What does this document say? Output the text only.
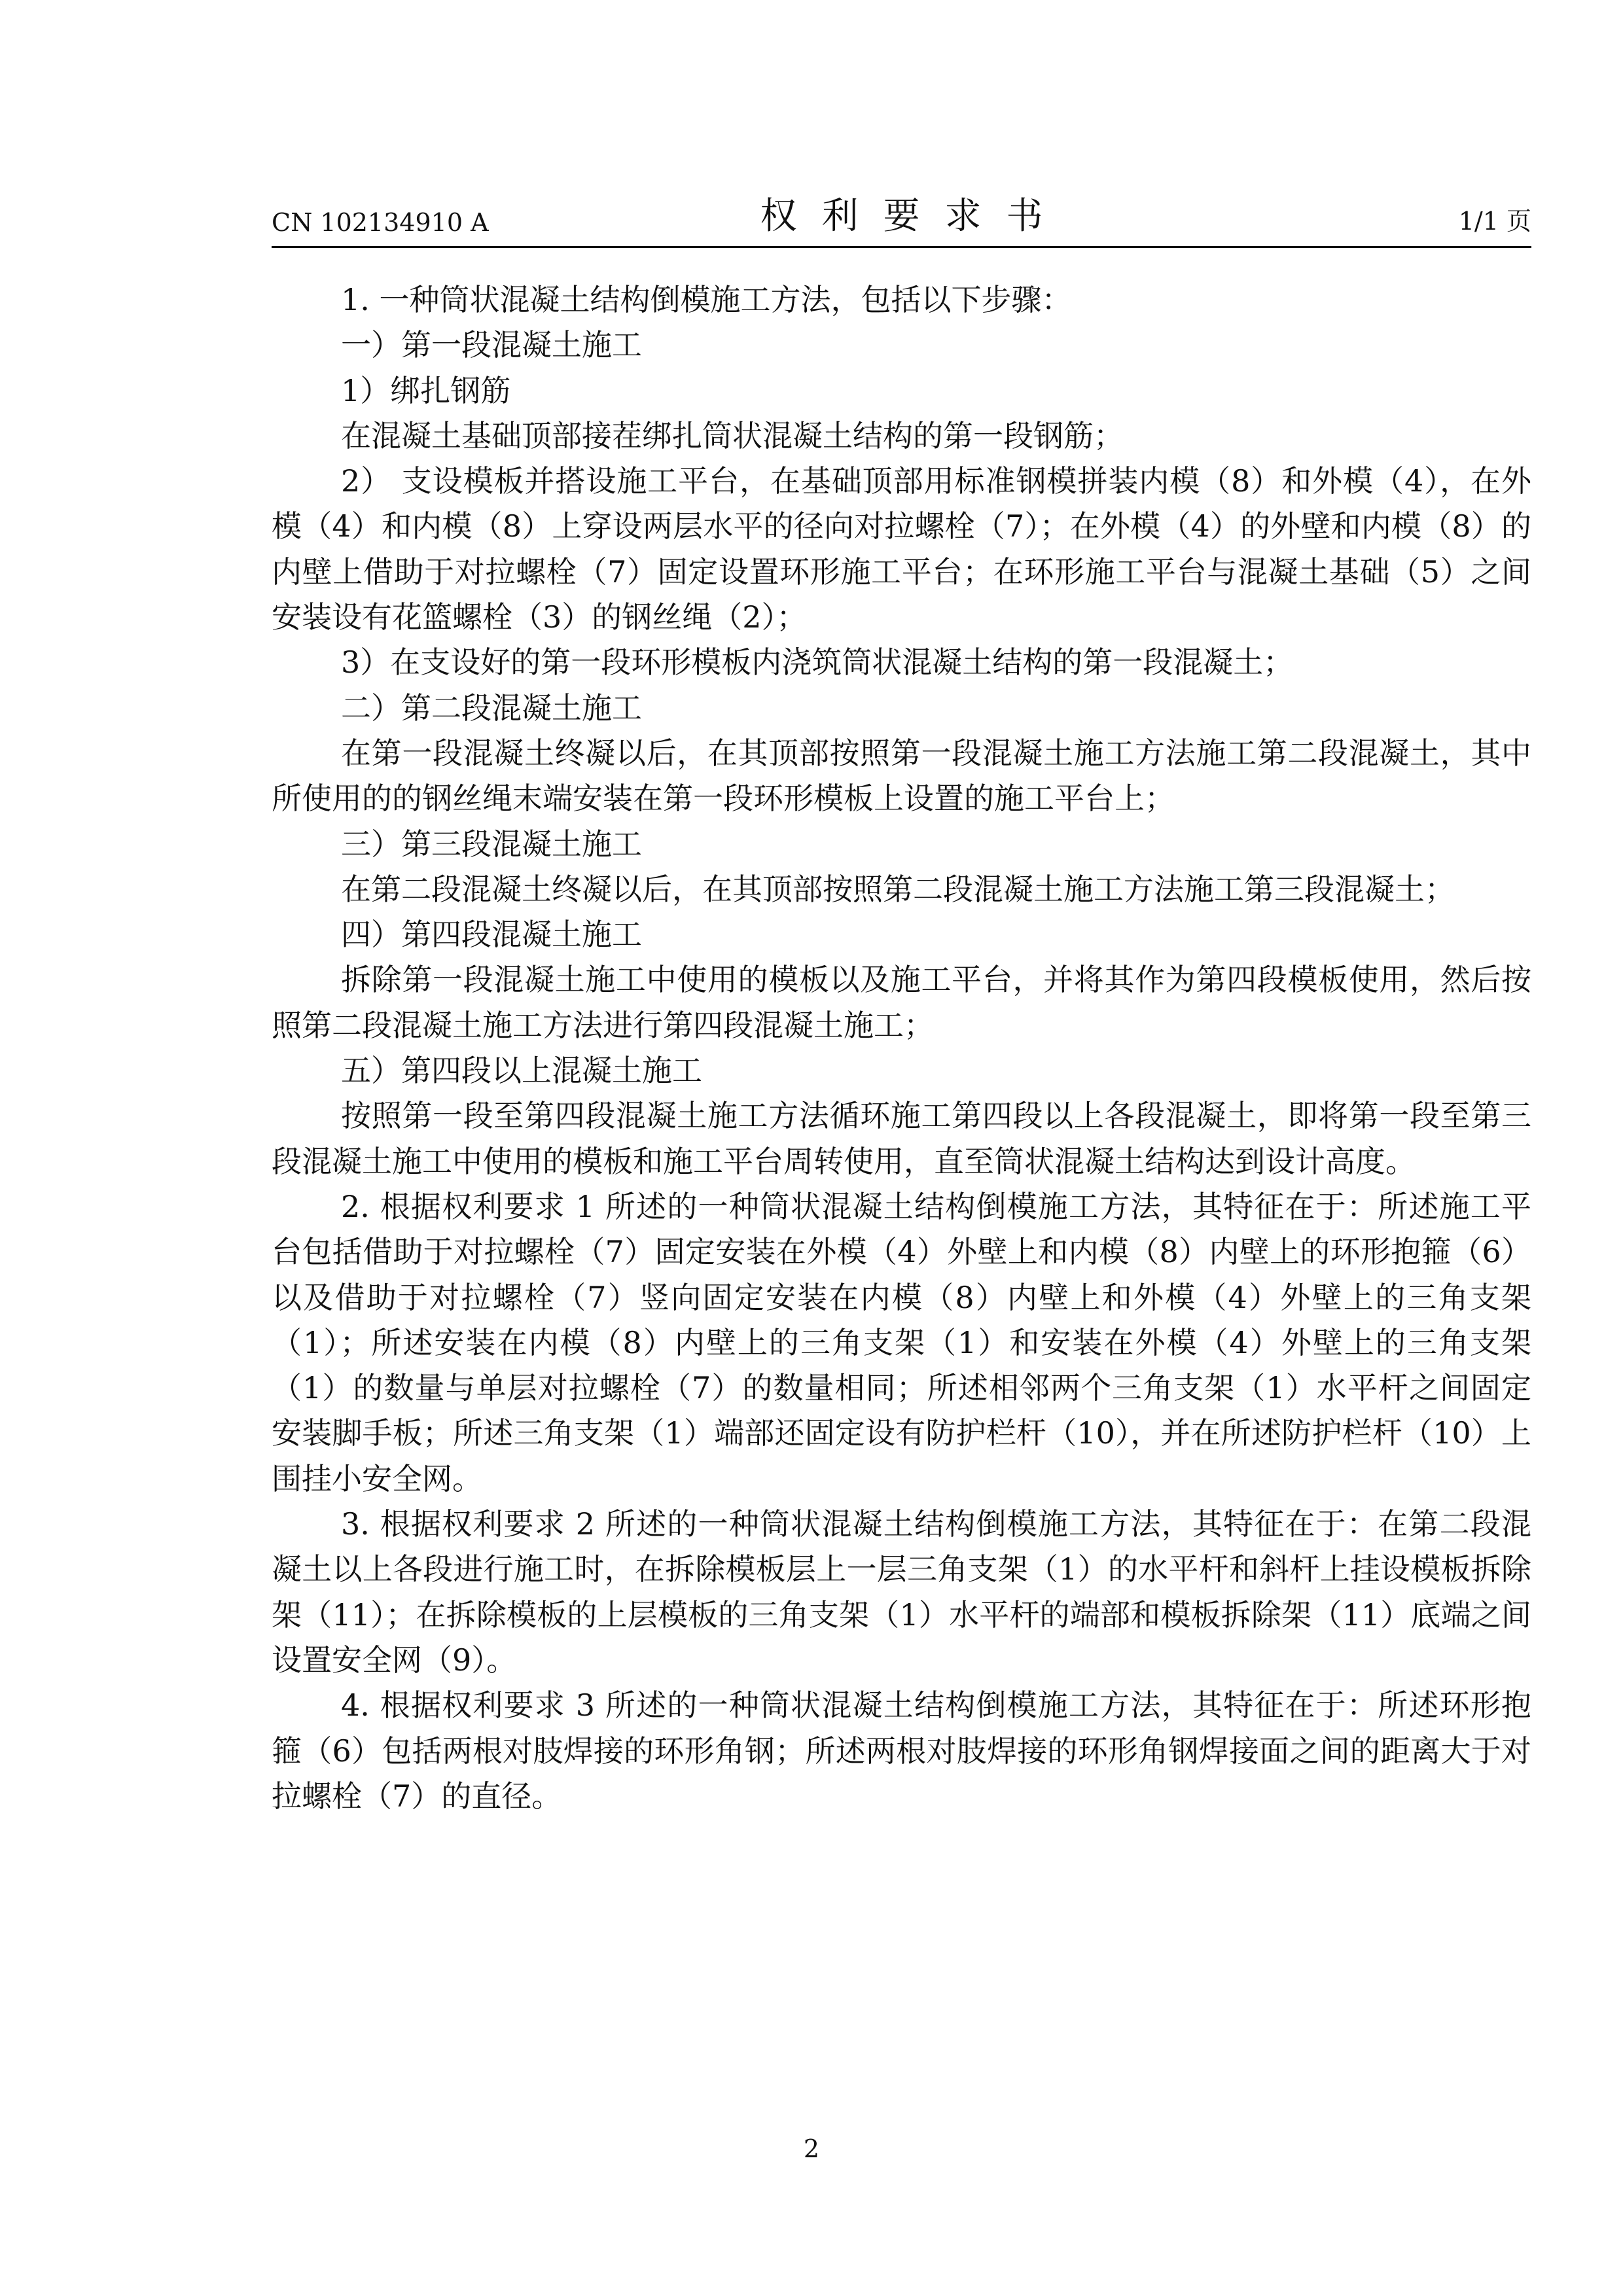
CN 102134910 A	权利要求书	1/1 页

1. 一种筒状混凝土结构倒模施工方法，包括以下步骤：

一）第一段混凝土施工

1）绑扎钢筋

在混凝土基础顶部接茬绑扎筒状混凝土结构的第一段钢筋；

2） 支设模板并搭设施工平台，在基础顶部用标准钢模拼装内模（8）和外模（4），在外模（4）和内模（8）上穿设两层水平的径向对拉螺栓（7）；在外模（4）的外壁和内模（8）的内壁上借助于对拉螺栓（7）固定设置环形施工平台；在环形施工平台与混凝土基础（5）之间安装设有花篮螺栓（3）的钢丝绳（2）；

3）在支设好的第一段环形模板内浇筑筒状混凝土结构的第一段混凝土；

二）第二段混凝土施工

在第一段混凝土终凝以后，在其顶部按照第一段混凝土施工方法施工第二段混凝土，其中所使用的的钢丝绳末端安装在第一段环形模板上设置的施工平台上；

三）第三段混凝土施工

在第二段混凝土终凝以后，在其顶部按照第二段混凝土施工方法施工第三段混凝土；

四）第四段混凝土施工

拆除第一段混凝土施工中使用的模板以及施工平台，并将其作为第四段模板使用，然后按照第二段混凝土施工方法进行第四段混凝土施工；

五）第四段以上混凝土施工

按照第一段至第四段混凝土施工方法循环施工第四段以上各段混凝土，即将第一段至第三段混凝土施工中使用的模板和施工平台周转使用，直至筒状混凝土结构达到设计高度。

2. 根据权利要求 1 所述的一种筒状混凝土结构倒模施工方法，其特征在于：所述施工平台包括借助于对拉螺栓（7）固定安装在外模（4）外壁上和内模（8）内壁上的环形抱箍（6）以及借助于对拉螺栓（7）竖向固定安装在内模（8）内壁上和外模（4）外壁上的三角支架（1）；所述安装在内模（8）内壁上的三角支架（1）和安装在外模（4）外壁上的三角支架（1）的数量与单层对拉螺栓（7）的数量相同；所述相邻两个三角支架（1）水平杆之间固定安装脚手板；所述三角支架（1）端部还固定设有防护栏杆（10），并在所述防护栏杆（10）上围挂小安全网。

3. 根据权利要求 2 所述的一种筒状混凝土结构倒模施工方法，其特征在于：在第二段混凝土以上各段进行施工时，在拆除模板层上一层三角支架（1）的水平杆和斜杆上挂设模板拆除架（11）；在拆除模板的上层模板的三角支架（1）水平杆的端部和模板拆除架（11）底端之间设置安全网（9）。

4. 根据权利要求 3 所述的一种筒状混凝土结构倒模施工方法，其特征在于：所述环形抱箍（6）包括两根对肢焊接的环形角钢；所述两根对肢焊接的环形角钢焊接面之间的距离大于对拉螺栓（7）的直径。

2
